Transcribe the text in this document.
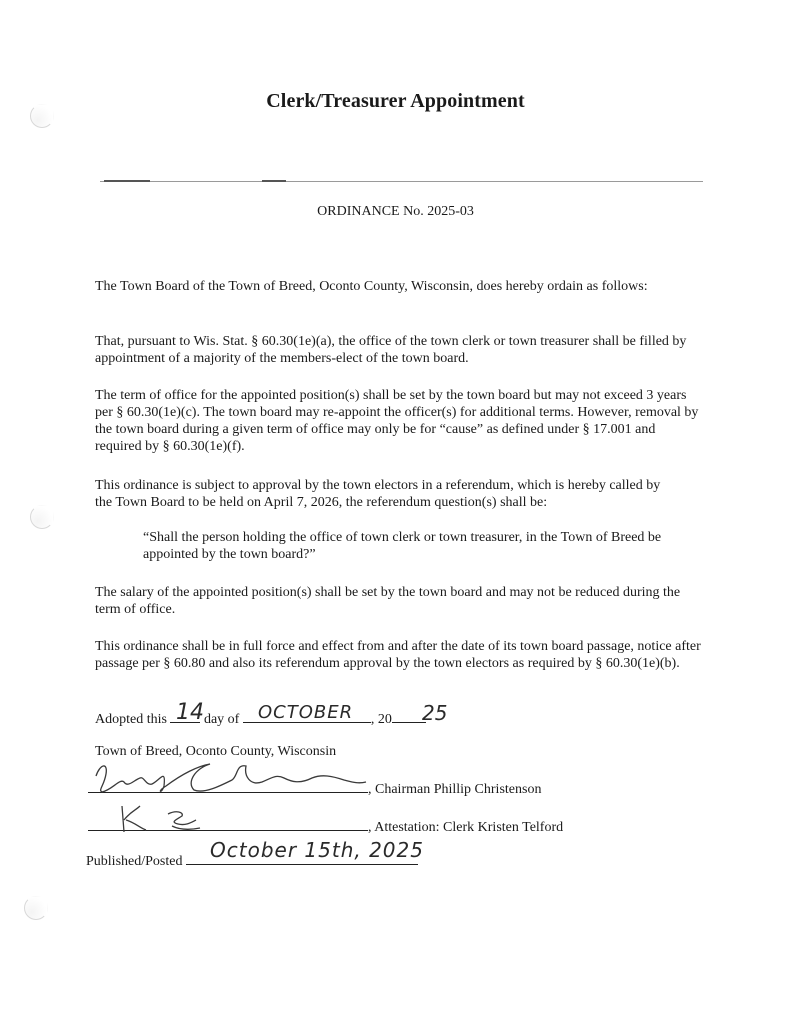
Clerk/Treasurer Appointment
ORDINANCE No. 2025-03

The Town Board of the Town of Breed, Oconto County, Wisconsin, does hereby ordain as follows:

That, pursuant to Wis. Stat. § 60.30(1e)(a), the office of the town clerk or town treasurer shall be filled by appointment of a majority of the members-elect of the town board.

The term of office for the appointed position(s) shall be set by the town board but may not exceed 3 years per § 60.30(1e)(c). The town board may re-appoint the officer(s) for additional terms. However, removal by the town board during a given term of office may only be for “cause” as defined under § 17.001 and required by § 60.30(1e)(f).

This ordinance is subject to approval by the town electors in a referendum, which is hereby called by the Town Board to be held on April 7, 2026, the referendum question(s) shall be:

“Shall the person holding the office of town clerk or town treasurer, in the Town of Breed be appointed by the town board?”

The salary of the appointed position(s) shall be set by the town board and may not be reduced during the term of office.

This ordinance shall be in full force and effect from and after the date of its town board passage, notice after passage per § 60.80 and also its referendum approval by the town electors as required by § 60.30(1e)(b).

Adopted this	day of	, 20
14	OCTOBER	25
Town of Breed, Oconto County, Wisconsin
, Chairman Phillip Christenson
, Attestation: Clerk Kristen Telford
Published/Posted	October 15th, 2025
